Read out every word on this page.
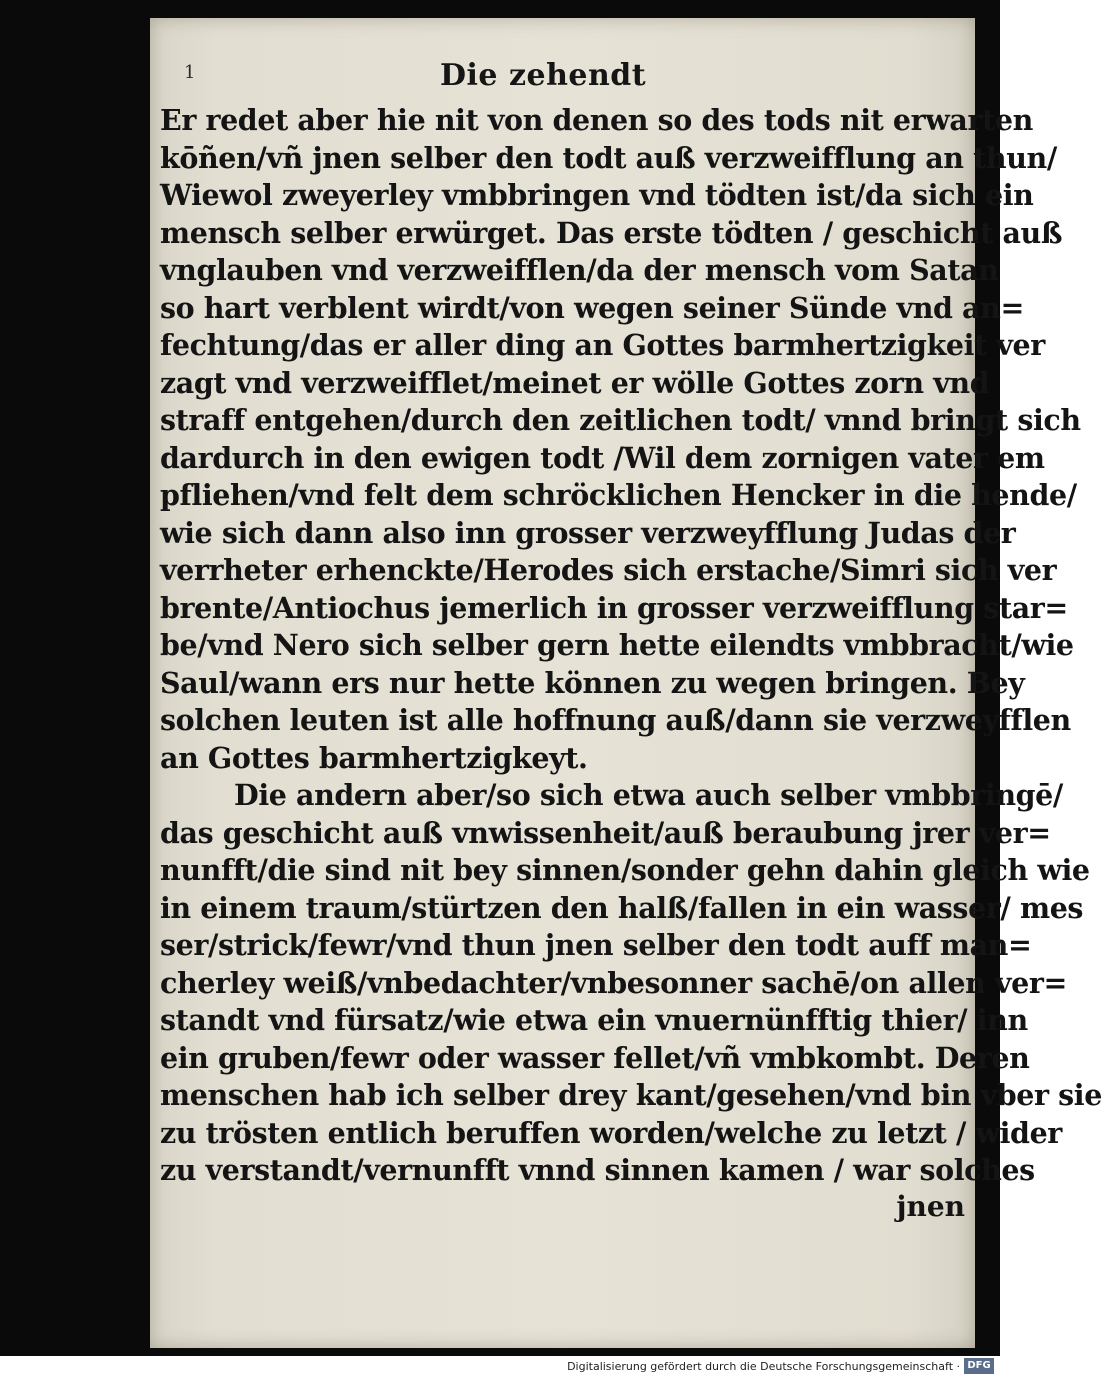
1	Die zehendt
Er redet aber hie nit von denen so des tods nit erwarten
kōñen/vñ jnen selber den todt auß verzweifflung an thun/
Wiewol zweyerley vmbbringen vnd tödten ist/da sich ein
mensch selber erwürget. Das erste tödten / geschicht auß
vnglauben vnd verzweifflen/da der mensch vom Satan
so hart verblent wirdt/von wegen seiner Sünde vnd an=
fechtung/das er aller ding an Gottes barmhertzigkeit ver
zagt vnd verzweifflet/meinet er wölle Gottes zorn vnd
straff entgehen/durch den zeitlichen todt/ vnnd bringt sich
dardurch in den ewigen todt /Wil dem zornigen vater em
pfliehen/vnd felt dem schröcklichen Hencker in die hende/
wie sich dann also inn grosser verzweyfflung Judas der
verrheter erhenckte/Herodes sich erstache/Simri sich ver
brente/Antiochus jemerlich in grosser verzweifflung star=
be/vnd Nero sich selber gern hette eilendts vmbbracht/wie
Saul/wann ers nur hette können zu wegen bringen. Bey
solchen leuten ist alle hoffnung auß/dann sie verzweyfflen
an Gottes barmhertzigkeyt.
Die andern aber/so sich etwa auch selber vmbbringē/
das geschicht auß vnwissenheit/auß beraubung jrer ver=
nunfft/die sind nit bey sinnen/sonder gehn dahin gleich wie
in einem traum/stürtzen den halß/fallen in ein wasser/ mes
ser/strick/fewr/vnd thun jnen selber den todt auff man=
cherley weiß/vnbedachter/vnbesonner sachē/on allen ver=
standt vnd fürsatz/wie etwa ein vnuernünfftig thier/ inn
ein gruben/fewr oder wasser fellet/vñ vmbkombt. Deren
menschen hab ich selber drey kant/gesehen/vnd bin vber sie
zu trösten entlich beruffen worden/welche zu letzt / wider
zu verstandt/vernunfft vnnd sinnen kamen / war solches
jnen
Digitalisierung gefördert durch die Deutsche Forschungsgemeinschaft · DFG
